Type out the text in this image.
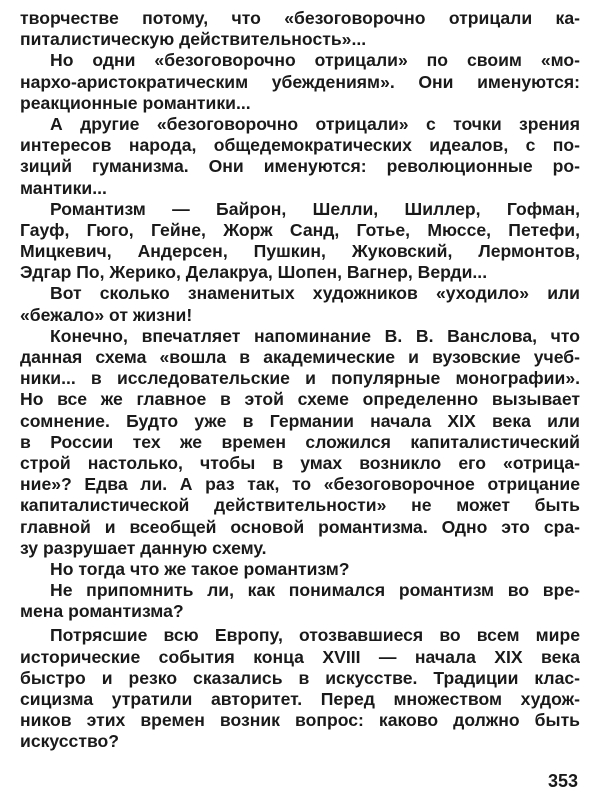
творчестве потому, что «безоговорочно отрицали ка-
питалистическую действительность»...
Но одни «безоговорочно отрицали» по своим «мо-
нархо-аристократическим убеждениям». Они именуются:
реакционные романтики...
А другие «безоговорочно отрицали» с точки зрения
интересов народа, общедемократических идеалов, с по-
зиций гуманизма. Они именуются: революционные ро-
мантики...
Романтизм — Байрон, Шелли, Шиллер, Гофман,
Гауф, Гюго, Гейне, Жорж Санд, Готье, Мюссе, Петефи,
Мицкевич, Андерсен, Пушкин, Жуковский, Лермонтов,
Эдгар По, Жерико, Делакруа, Шопен, Вагнер, Верди...
Вот сколько знаменитых художников «уходило» или
«бежало» от жизни!
Конечно, впечатляет напоминание В. В. Ванслова, что
данная схема «вошла в академические и вузовские учеб-
ники... в исследовательские и популярные монографии».
Но все же главное в этой схеме определенно вызывает
сомнение. Будто уже в Германии начала XIX века или
в России тех же времен сложился капиталистический
строй настолько, чтобы в умах возникло его «отрица-
ние»? Едва ли. А раз так, то «безоговорочное отрицание
капиталистической действительности» не может быть
главной и всеобщей основой романтизма. Одно это сра-
зу разрушает данную схему.
Но тогда что же такое романтизм?
Не припомнить ли, как понимался романтизм во вре-
мена романтизма?
Потрясшие всю Европу, отозвавшиеся во всем мире
исторические события конца XVIII — начала XIX века
быстро и резко сказались в искусстве. Традиции клас-
сицизма утратили авторитет. Перед множеством худож-
ников этих времен возник вопрос: каково должно быть
искусство?
353
